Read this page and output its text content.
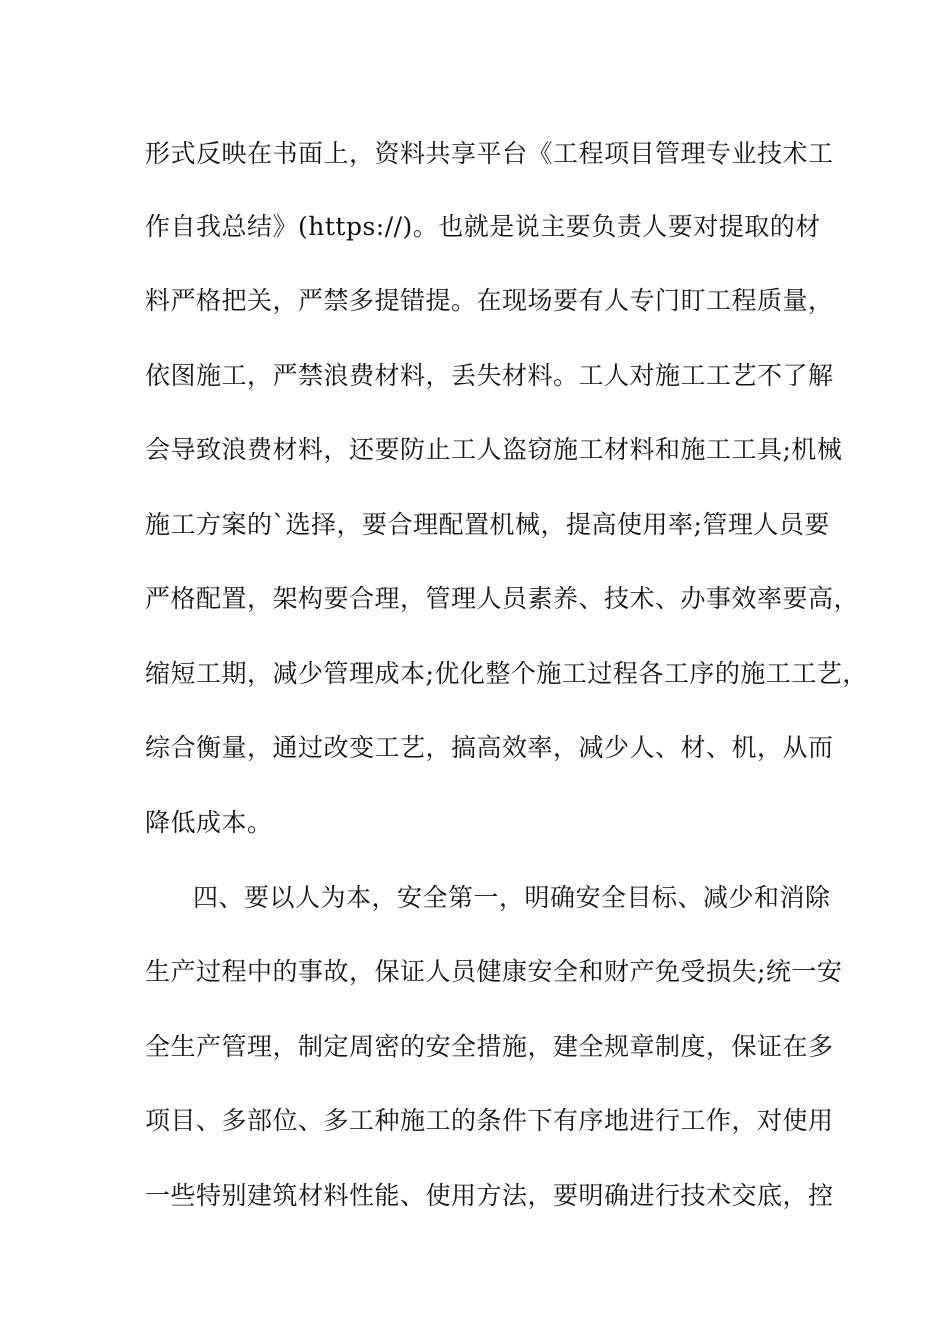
形式反映在书面上，资料共享平台《工程项目管理专业技术工
作自我总结》(https://)。也就是说主要负责人要对提取的材
料严格把关，严禁多提错提。在现场要有人专门盯工程质量，
依图施工，严禁浪费材料，丢失材料。工人对施工工艺不了解
会导致浪费材料，还要防止工人盗窃施工材料和施工工具;机械
施工方案的`选择，要合理配置机械，提高使用率;管理人员要
严格配置，架构要合理，管理人员素养、技术、办事效率要高，
缩短工期，减少管理成本;优化整个施工过程各工序的施工工艺，
综合衡量，通过改变工艺，搞高效率，减少人、材、机，从而
降低成本。
四、要以人为本，安全第一，明确安全目标、减少和消除
生产过程中的事故，保证人员健康安全和财产免受损失;统一安
全生产管理，制定周密的安全措施，建全规章制度，保证在多
项目、多部位、多工种施工的条件下有序地进行工作，对使用
一些特别建筑材料性能、使用方法，要明确进行技术交底，控
